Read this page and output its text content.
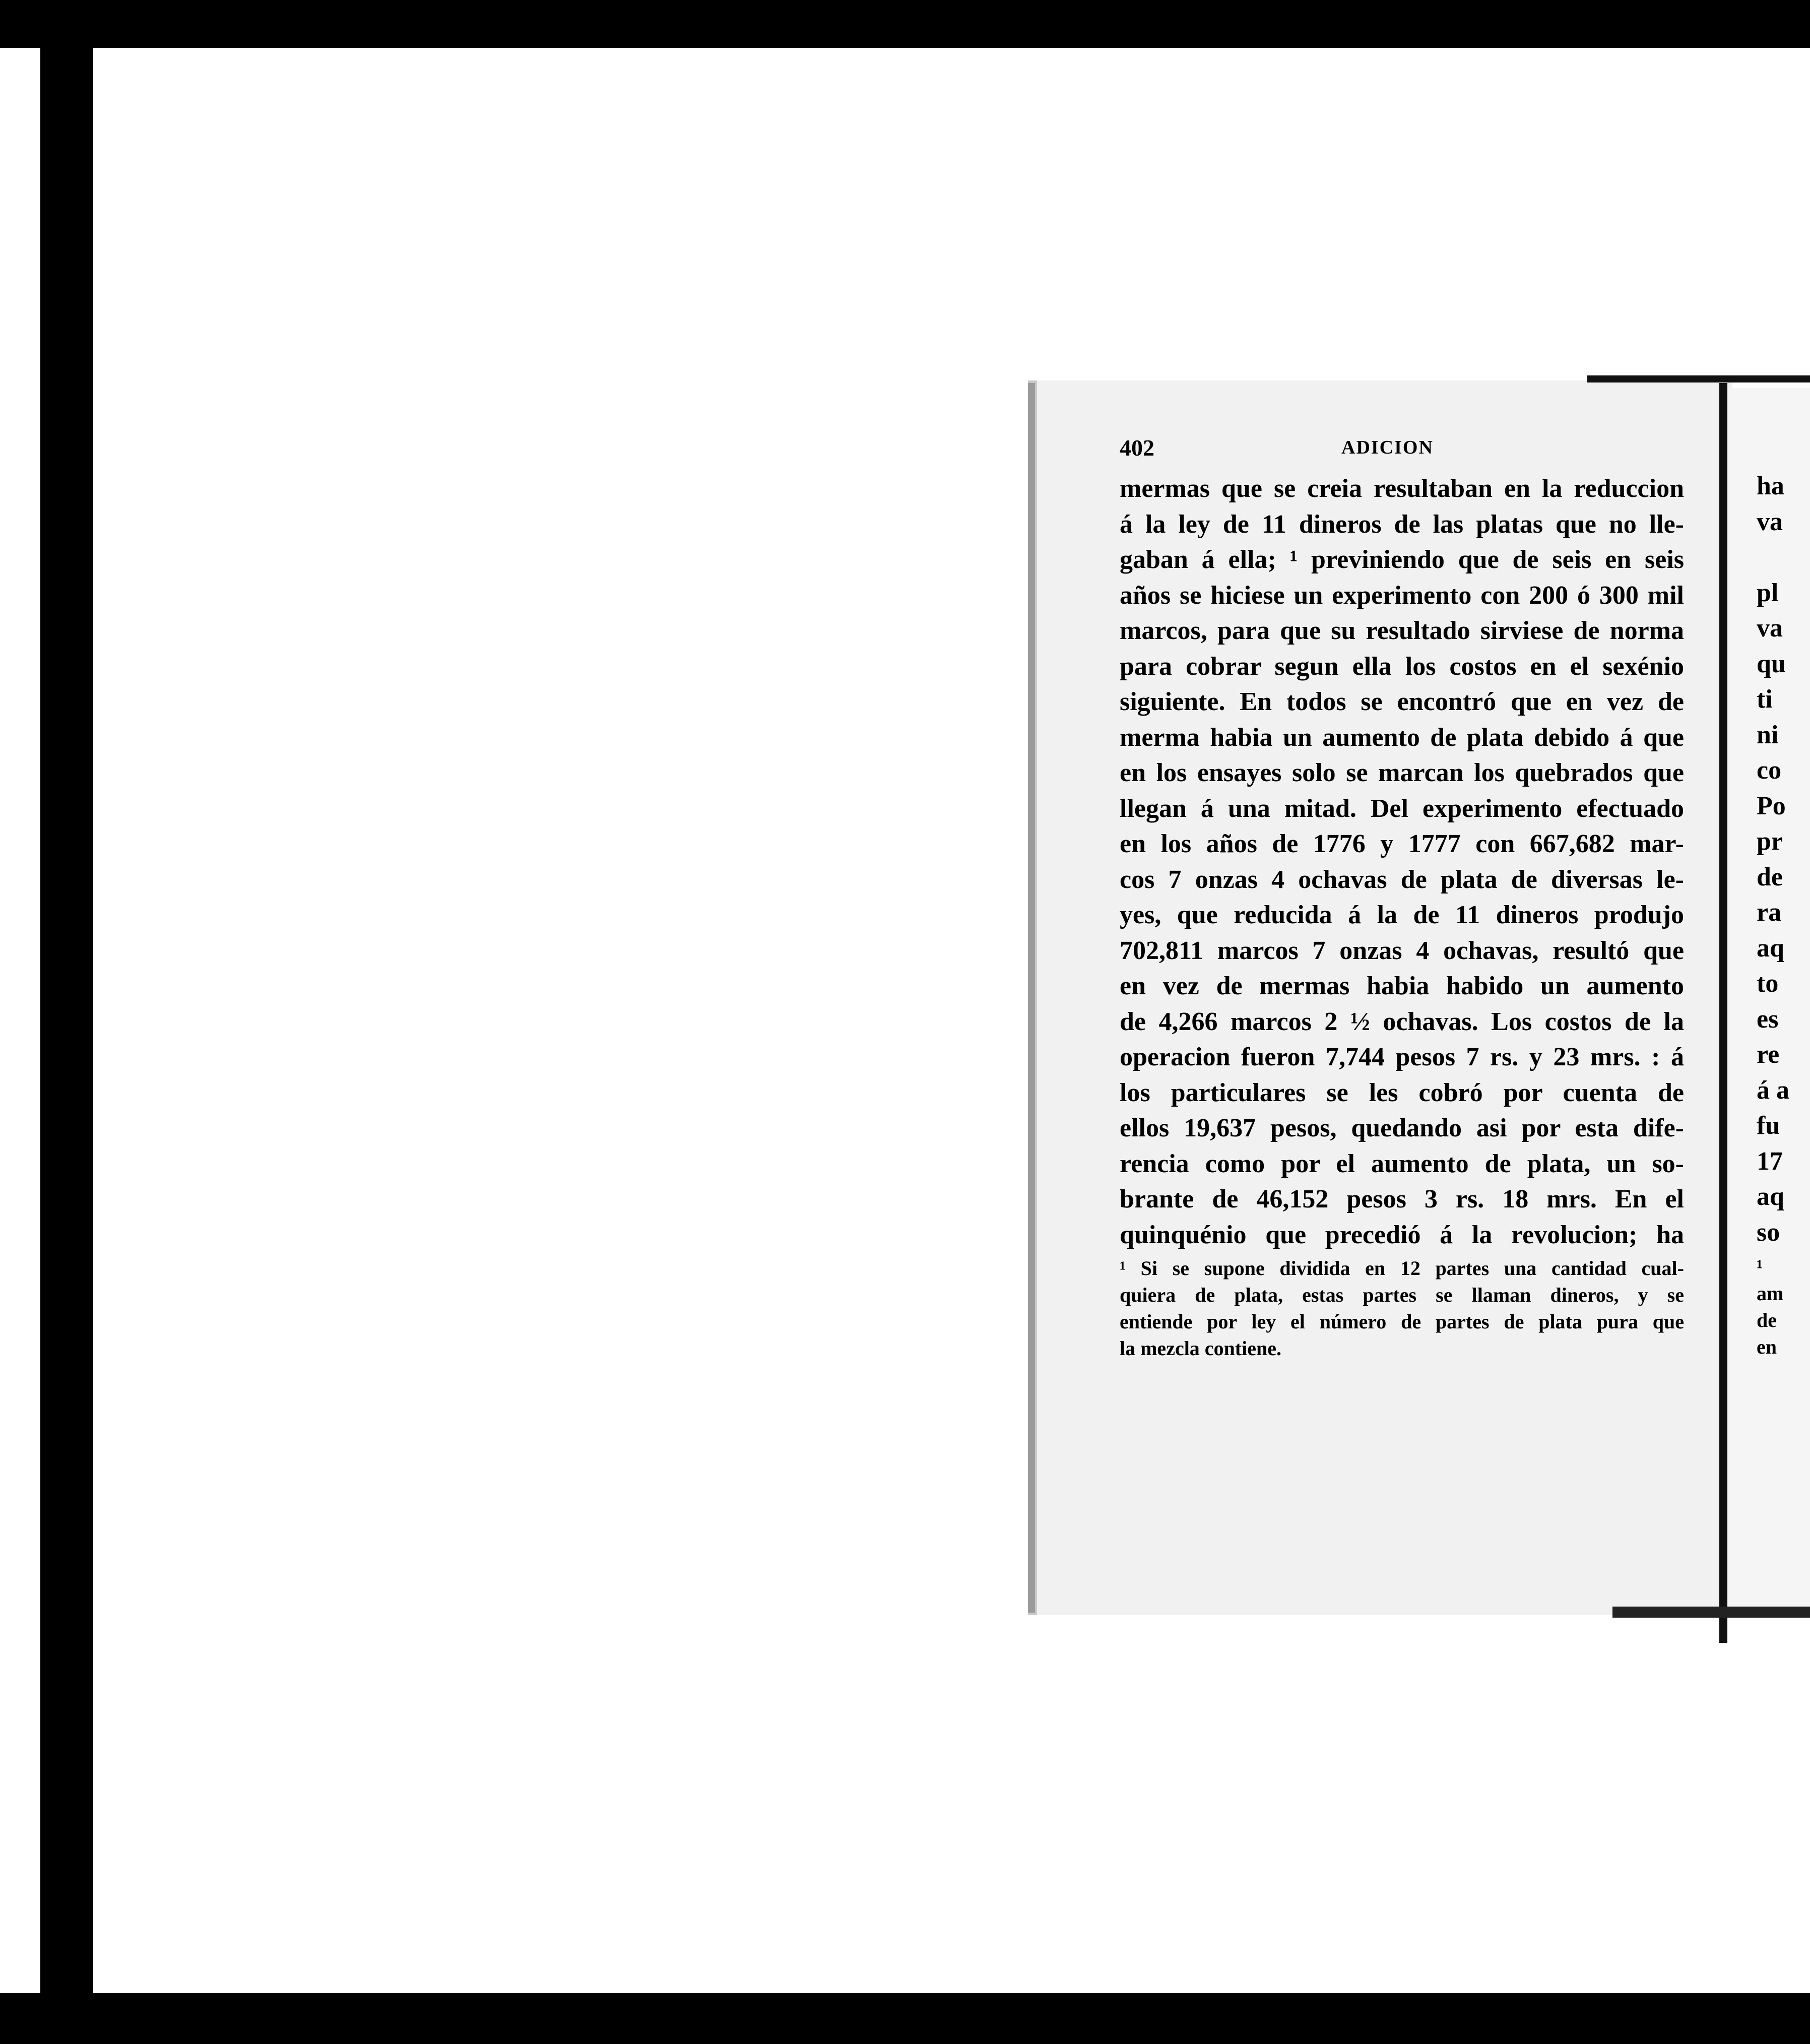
402	ADICION
mermas que se creia resultaban en la reduccion
á la ley de 11 dineros de las platas que no lle-
gaban á ella; ¹ previniendo que de seis en seis
años se hiciese un experimento con 200 ó 300 mil
marcos, para que su resultado sirviese de norma
para cobrar segun ella los costos en el sexénio
siguiente. En todos se encontró que en vez de
merma habia un aumento de plata debido á que
en los ensayes solo se marcan los quebrados que
llegan á una mitad. Del experimento efectuado
en los años de 1776 y 1777 con 667,682 mar-
cos 7 onzas 4 ochavas de plata de diversas le-
yes, que reducida á la de 11 dineros produjo
702,811 marcos 7 onzas 4 ochavas, resultó que
en vez de mermas habia habido un aumento
de 4,266 marcos 2 ½ ochavas. Los costos de la
operacion fueron 7,744 pesos 7 rs. y 23 mrs. : á
los particulares se les cobró por cuenta de
ellos 19,637 pesos, quedando asi por esta dife-
rencia como por el aumento de plata, un so-
brante de 46,152 pesos 3 rs. 18 mrs. En el
quinquénio que precedió á la revolucion; ha
¹ Si se supone dividida en 12 partes una cantidad cual-
quiera de plata, estas partes se llaman dineros, y se
entiende por ley el número de partes de plata pura que
la mezcla contiene.
ha
va
pl
va
qu
ti
ni
co
Po
pr
de
ra
aq
to
es
re
á a
fu
17
aq
so
¹
am
de
en
